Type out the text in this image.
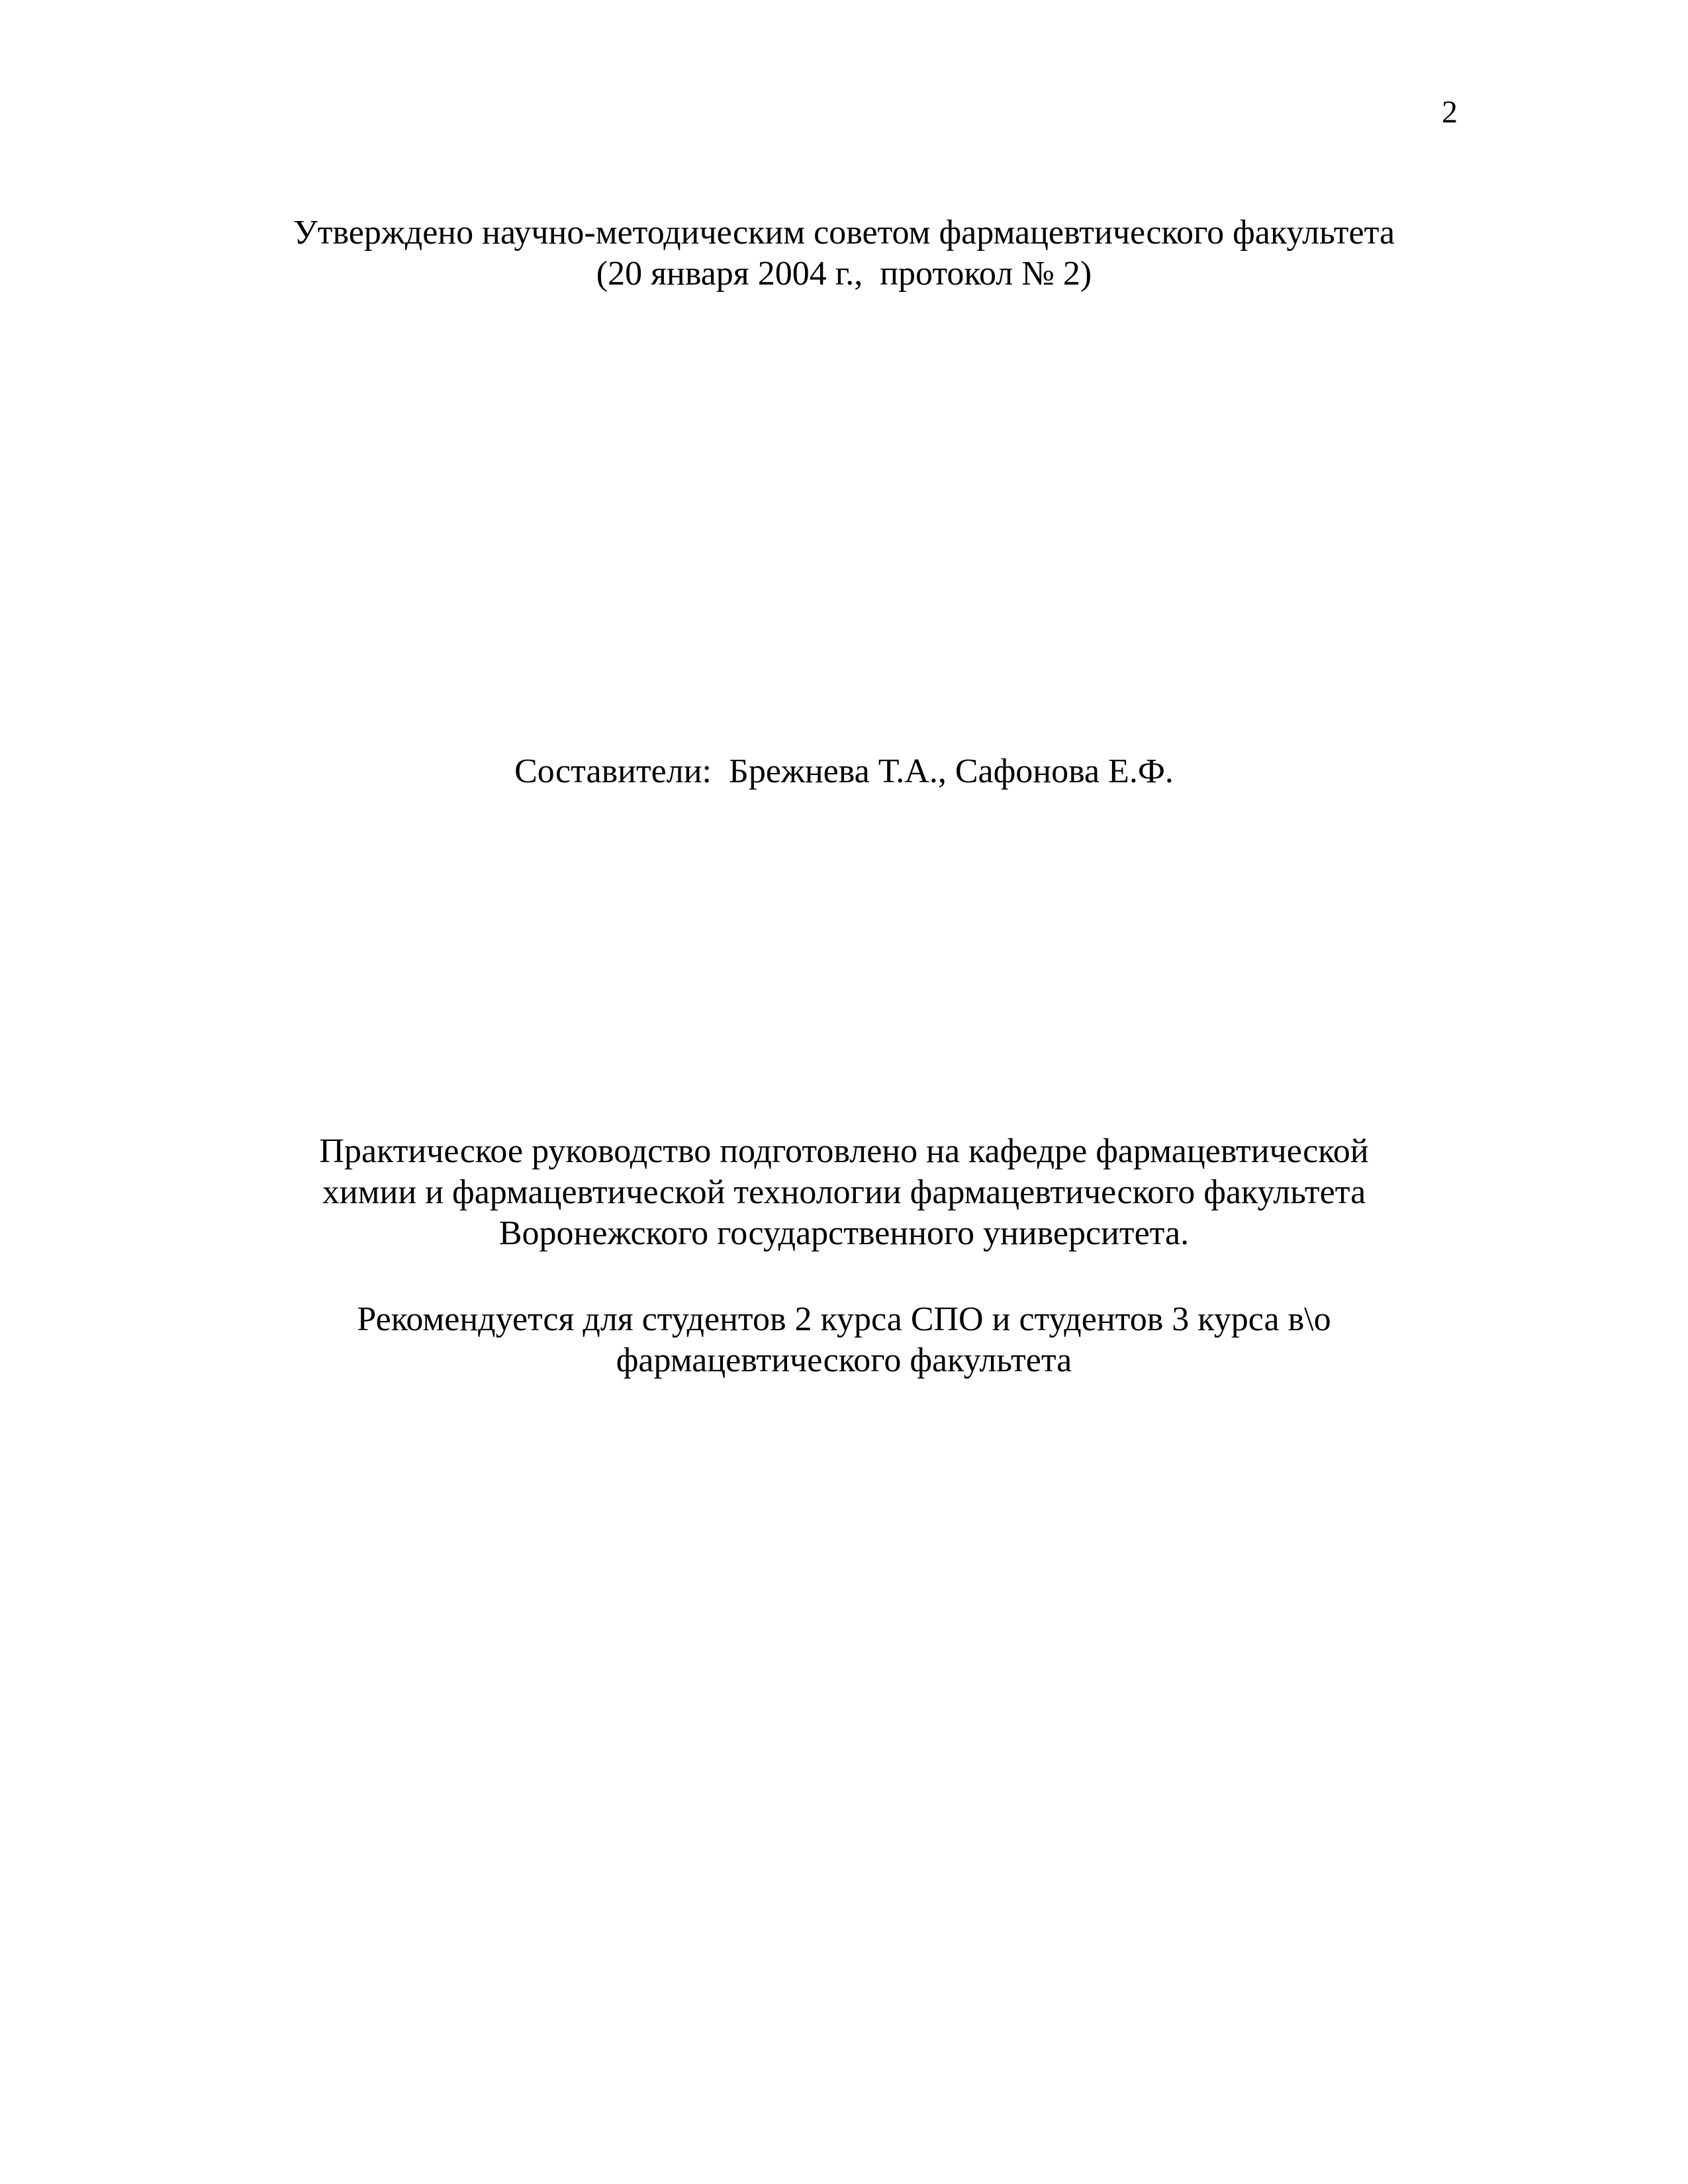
2
Утверждено научно-методическим советом фармацевтического факультета
(20 января 2004 г.,  протокол № 2)
Составители:  Брежнева Т.А., Сафонова Е.Ф.
Практическое руководство подготовлено на кафедре фармацевтической
химии и фармацевтической технологии фармацевтического факультета
Воронежского государственного университета.
Рекомендуется для студентов 2 курса СПО и студентов 3 курса в\о
фармацевтического факультета
